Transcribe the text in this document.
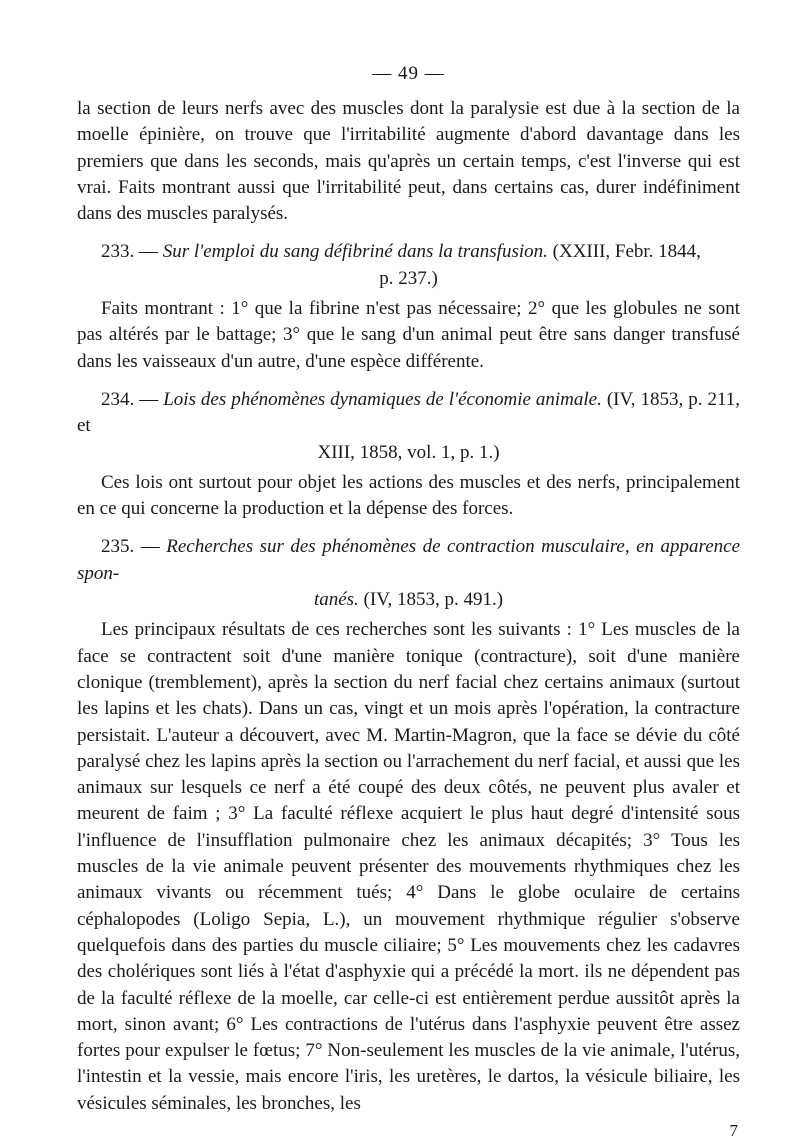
— 49 —

la section de leurs nerfs avec des muscles dont la paralysie est due à la section de la moelle épinière, on trouve que l'irritabilité augmente d'abord davantage dans les premiers que dans les seconds, mais qu'après un certain temps, c'est l'inverse qui est vrai. Faits montrant aussi que l'irritabilité peut, dans certains cas, durer indéfiniment dans des muscles paralysés.

233. — Sur l'emploi du sang défibriné dans la transfusion. (XXIII, Febr. 1844,

p. 237.)

Faits montrant : 1° que la fibrine n'est pas nécessaire; 2° que les globules ne sont pas altérés par le battage; 3° que le sang d'un animal peut être sans danger transfusé dans les vaisseaux d'un autre, d'une espèce différente.

234. — Lois des phénomènes dynamiques de l'économie animale. (IV, 1853, p. 211, et

XIII, 1858, vol. 1, p. 1.)

Ces lois ont surtout pour objet les actions des muscles et des nerfs, principalement en ce qui concerne la production et la dépense des forces.

235. — Recherches sur des phénomènes de contraction musculaire, en apparence spon-

tanés. (IV, 1853, p. 491.)

Les principaux résultats de ces recherches sont les suivants : 1° Les muscles de la face se contractent soit d'une manière tonique (contracture), soit d'une manière clonique (tremblement), après la section du nerf facial chez certains animaux (surtout les lapins et les chats). Dans un cas, vingt et un mois après l'opération, la contracture persistait. L'auteur a découvert, avec M. Martin-Magron, que la face se dévie du côté paralysé chez les lapins après la section ou l'arrachement du nerf facial, et aussi que les animaux sur lesquels ce nerf a été coupé des deux côtés, ne peuvent plus avaler et meurent de faim ; 3° La faculté réflexe acquiert le plus haut degré d'intensité sous l'influence de l'insufflation pulmonaire chez les animaux décapités; 3° Tous les muscles de la vie animale peuvent présenter des mouvements rhythmiques chez les animaux vivants ou récemment tués; 4° Dans le globe oculaire de certains céphalopodes (Loligo Sepia, L.), un mouvement rhythmique régulier s'observe quelquefois dans des parties du muscle ciliaire; 5° Les mouvements chez les cadavres des cholériques sont liés à l'état d'asphyxie qui a précédé la mort. ils ne dépendent pas de la faculté réflexe de la moelle, car celle-ci est entièrement perdue aussitôt après la mort, sinon avant; 6° Les contractions de l'utérus dans l'asphyxie peuvent être assez fortes pour expulser le fœtus; 7° Non-seulement les muscles de la vie animale, l'utérus, l'intestin et la vessie, mais encore l'iris, les uretères, le dartos, la vésicule biliaire, les vésicules séminales, les bronches, les

7
